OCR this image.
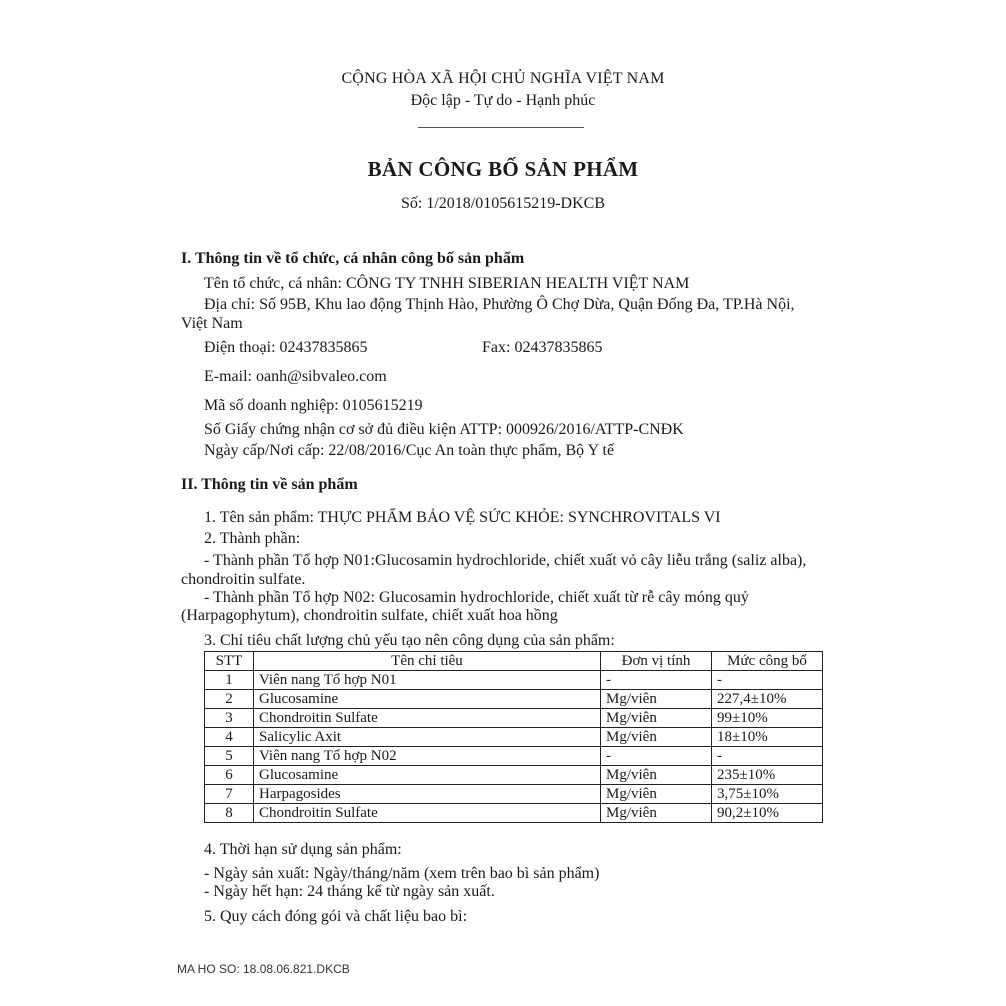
CỘNG HÒA XÃ HỘI CHỦ NGHĨA VIỆT NAM
Độc lập - Tự do - Hạnh phúc
BẢN CÔNG BỐ SẢN PHẨM
Số: 1/2018/0105615219-DKCB
I. Thông tin về tổ chức, cá nhân công bố sản phẩm
Tên tổ chức, cá nhân: CÔNG TY TNHH SIBERIAN HEALTH VIỆT NAM
Địa chỉ: Số 95B, Khu lao động Thịnh Hào, Phường Ô Chợ Dừa, Quận Đống Đa, TP.Hà Nội,
Việt Nam
Điện thoại: 02437835865	Fax: 02437835865
E-mail: oanh@sibvaleo.com
Mã số doanh nghiệp: 0105615219
Số Giấy chứng nhận cơ sở đủ điều kiện ATTP: 000926/2016/ATTP-CNĐK
Ngày cấp/Nơi cấp: 22/08/2016/Cục An toàn thực phẩm, Bộ Y tế
II. Thông tin về sản phẩm
1. Tên sản phẩm: THỰC PHẨM BẢO VỆ SỨC KHỎE: SYNCHROVITALS VI
2. Thành phần:
- Thành phần Tổ hợp N01:Glucosamin hydrochloride, chiết xuất vỏ cây liễu trắng (saliz alba),
chondroitin sulfate.
- Thành phần Tổ hợp N02: Glucosamin hydrochloride, chiết xuất từ rễ cây móng quỷ
(Harpagophytum), chondroitin sulfate, chiết xuất hoa hồng
3. Chỉ tiêu chất lượng chủ yếu tạo nên công dụng của sản phẩm:
STT	Tên chỉ tiêu	Đơn vị tính	Mức công bố
1	Viên nang Tổ hợp N01	-	-
2	Glucosamine	Mg/viên	227,4±10%
3	Chondroitin Sulfate	Mg/viên	99±10%
4	Salicylic Axit	Mg/viên	18±10%
5	Viên nang Tổ hợp N02	-	-
6	Glucosamine	Mg/viên	235±10%
7	Harpagosides	Mg/viên	3,75±10%
8	Chondroitin Sulfate	Mg/viên	90,2±10%
4. Thời hạn sử dụng sản phẩm:
- Ngày sản xuất: Ngày/tháng/năm (xem trên bao bì sản phẩm)
- Ngày hết hạn: 24 tháng kể từ ngày sản xuất.
5. Quy cách đóng gói và chất liệu bao bì:
MA HO SO: 18.08.06.821.DKCB
